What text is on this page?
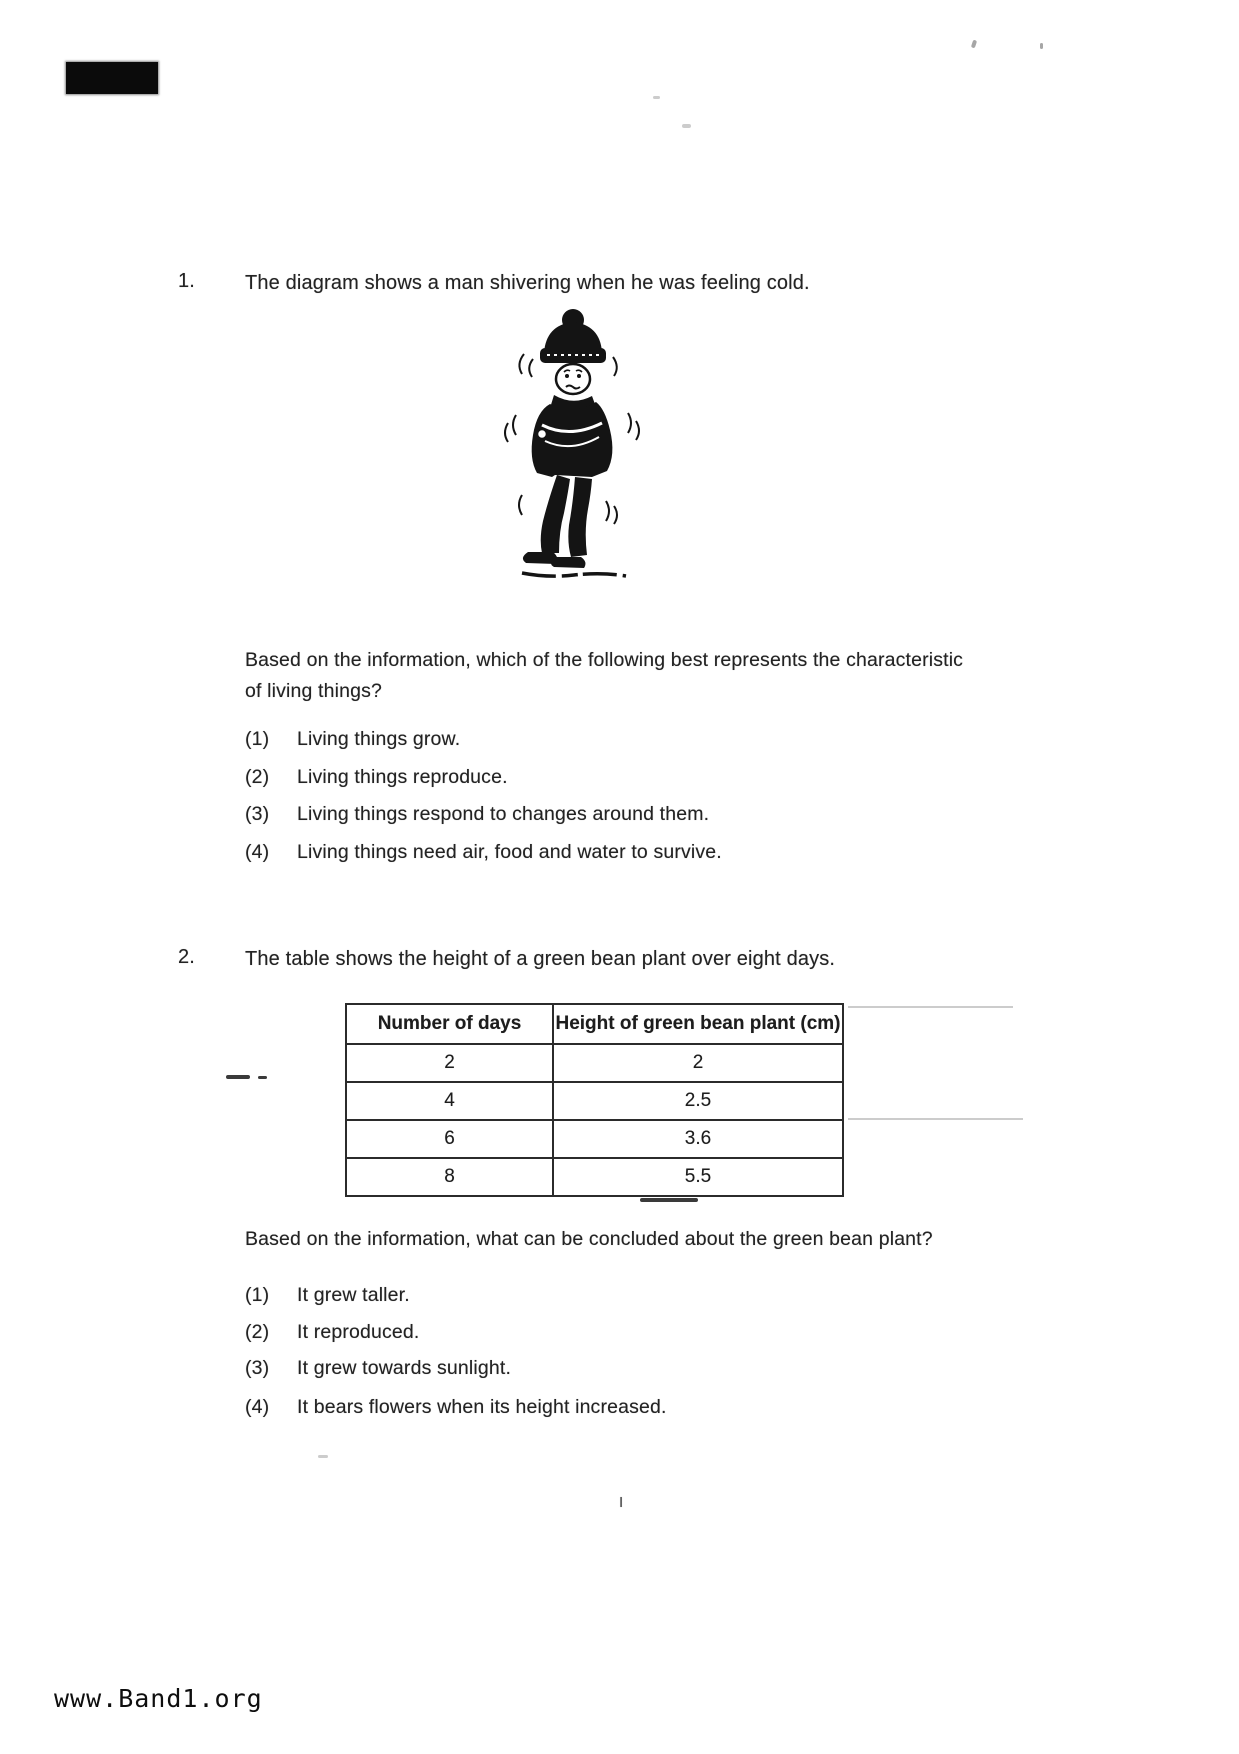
1.	The diagram shows a man shivering when he was feeling cold.
Based on the information, which of the following best represents the characteristic
of living things?
(1)	Living things grow.
(2)	Living things reproduce.
(3)	Living things respond to changes around them.
(4)	Living things need air, food and water to survive.
2.	The table shows the height of a green bean plant over eight days.
Number of days	Height of green bean plant (cm)
2	2
4	2.5
6	3.6
8	5.5
Based on the information, what can be concluded about the green bean plant?
(1)	It grew taller.
(2)	It reproduced.
(3)	It grew towards sunlight.
(4)	It bears flowers when its height increased.
I
www.Band1.org
